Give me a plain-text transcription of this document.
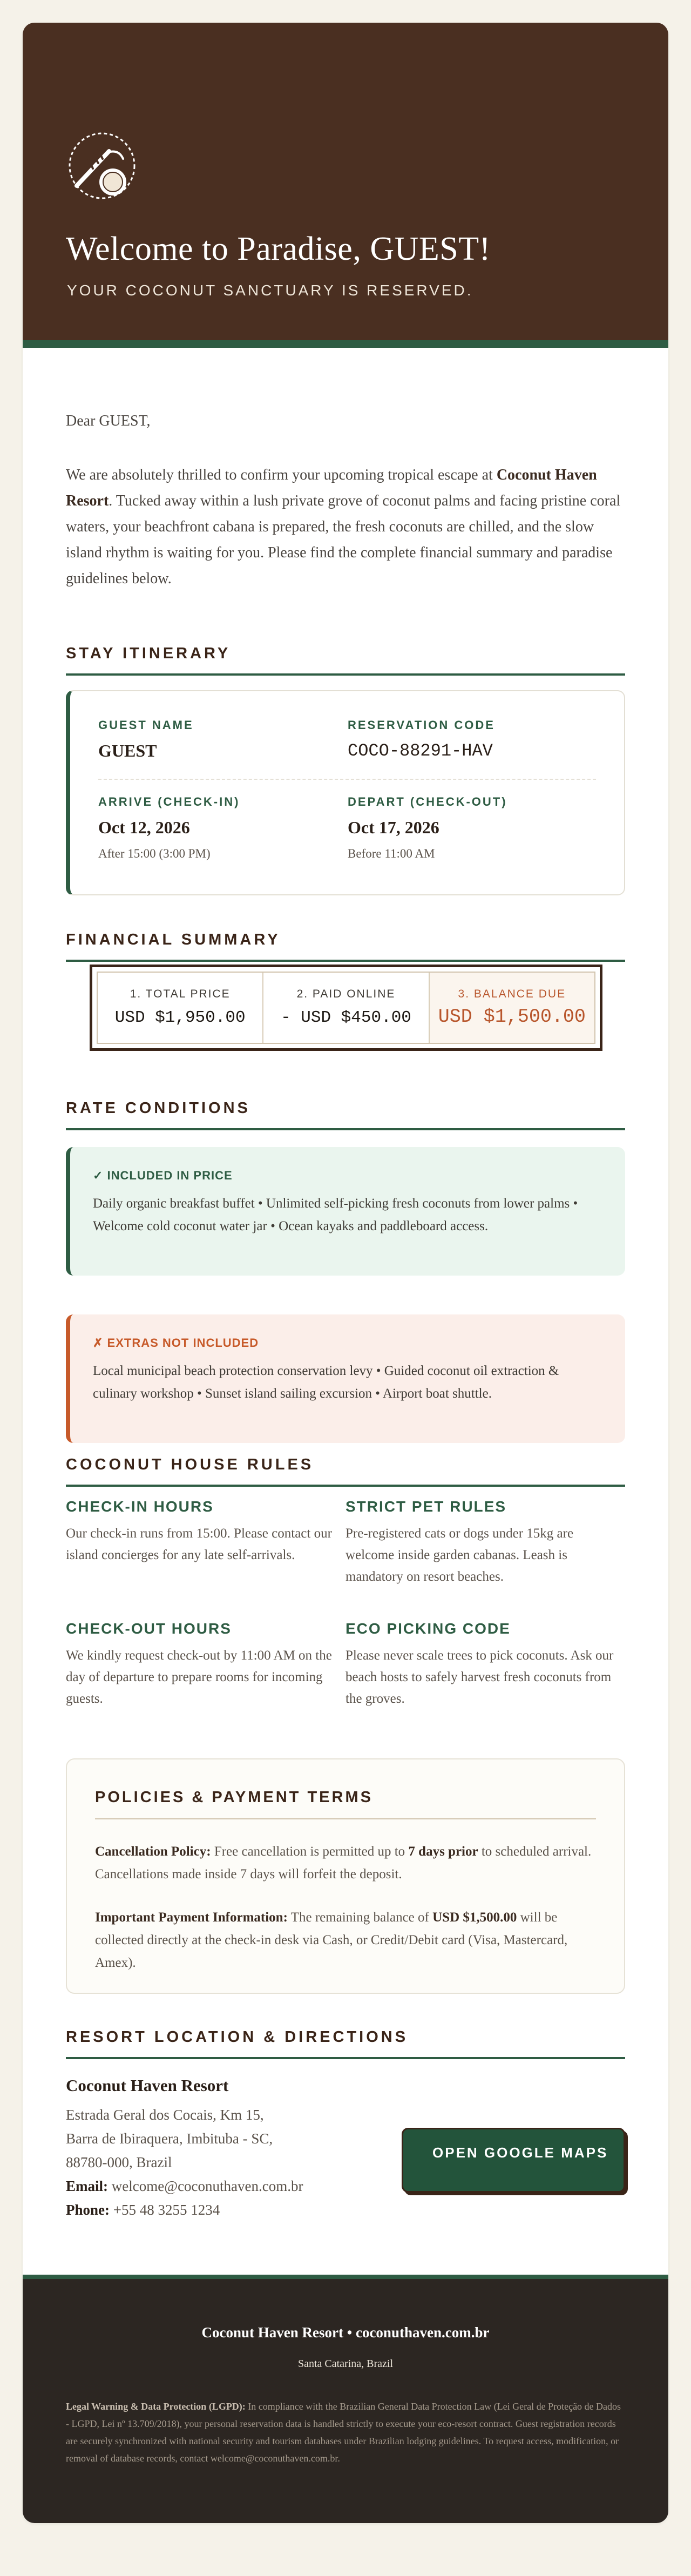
Welcome to Paradise, GUEST!

YOUR COCONUT SANCTUARY IS RESERVED.

Dear GUEST,
We are absolutely thrilled to confirm your upcoming tropical escape at Coconut Haven Resort. Tucked away within a lush private grove of coconut palms and facing pristine coral waters, your beachfront cabana is prepared, the fresh coconuts are chilled, and the slow island rhythm is waiting for you. Please find the complete financial summary and paradise guidelines below.
STAY ITINERARY
GUEST NAME
GUEST
RESERVATION CODE
COCO-88291-HAV
ARRIVE (CHECK-IN)
Oct 12, 2026
After 15:00 (3:00 PM)
DEPART (CHECK-OUT)
Oct 17, 2026
Before 11:00 AM
FINANCIAL SUMMARY
1. TOTAL PRICE
USD $1,950.00
2. PAID ONLINE
- USD $450.00
3. BALANCE DUE
USD $1,500.00
RATE CONDITIONS
✓ INCLUDED IN PRICE
Daily organic breakfast buffet • Unlimited self-picking fresh coconuts from lower palms • Welcome cold coconut water jar • Ocean kayaks and paddleboard access.
✗ EXTRAS NOT INCLUDED
Local municipal beach protection conservation levy • Guided coconut oil extraction & culinary workshop • Sunset island sailing excursion • Airport boat shuttle.
COCONUT HOUSE RULES
CHECK-IN HOURS
Our check-in runs from 15:00. Please contact our island concierges for any late self-arrivals.
STRICT PET RULES
Pre-registered cats or dogs under 15kg are welcome inside garden cabanas. Leash is mandatory on resort beaches.
CHECK-OUT HOURS
We kindly request check-out by 11:00 AM on the day of departure to prepare rooms for incoming guests.
ECO PICKING CODE
Please never scale trees to pick coconuts. Ask our beach hosts to safely harvest fresh coconuts from the groves.
POLICIES & PAYMENT TERMS
Cancellation Policy: Free cancellation is permitted up to 7 days prior to scheduled arrival. Cancellations made inside 7 days will forfeit the deposit.
Important Payment Information: The remaining balance of USD $1,500.00 will be collected directly at the check-in desk via Cash, or Credit/Debit card (Visa, Mastercard, Amex).
RESORT LOCATION & DIRECTIONS
Coconut Haven Resort
Estrada Geral dos Cocais, Km 15,
Barra de Ibiraquera, Imbituba - SC,
88780-000, Brazil
Email: welcome@coconuthaven.com.br
Phone: +55 48 3255 1234
OPEN GOOGLE MAPS
Coconut Haven Resort • coconuthaven.com.br
Santa Catarina, Brazil
Legal Warning & Data Protection (LGPD): In compliance with the Brazilian General Data Protection Law (Lei Geral de Proteção de Dados - LGPD, Lei nº 13.709/2018), your personal reservation data is handled strictly to execute your eco-resort contract. Guest registration records are securely synchronized with national security and tourism databases under Brazilian lodging guidelines. To request access, modification, or removal of database records, contact welcome@coconuthaven.com.br.
